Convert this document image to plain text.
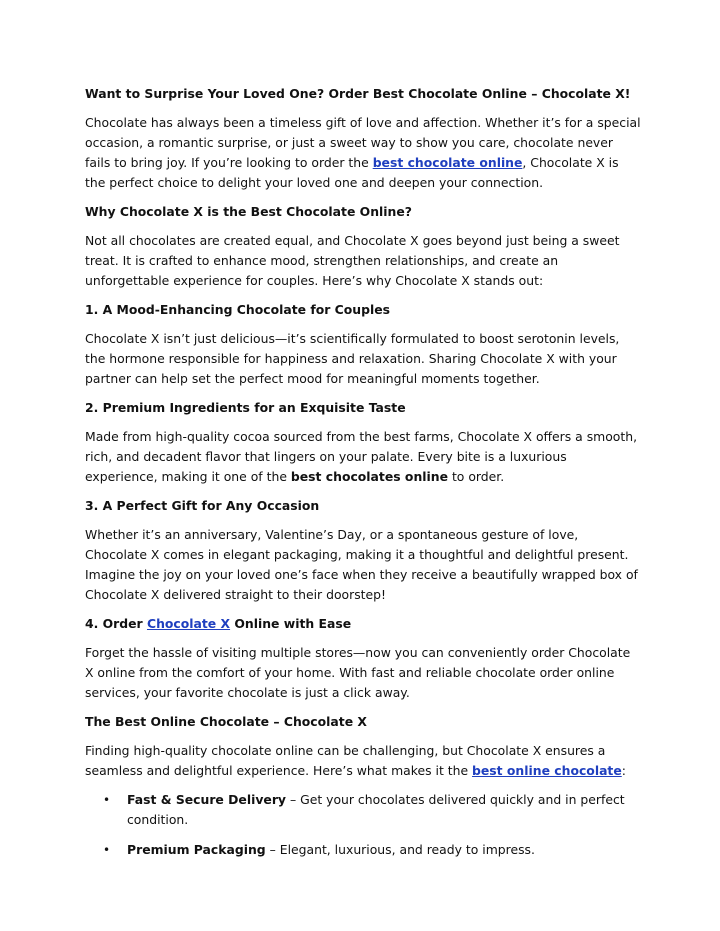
Want to Surprise Your Loved One? Order Best Chocolate Online – Chocolate X!

Chocolate has always been a timeless gift of love and affection. Whether it’s for a special occasion, a romantic surprise, or just a sweet way to show you care, chocolate never fails to bring joy. If you’re looking to order the best chocolate online, Chocolate X is the perfect choice to delight your loved one and deepen your connection.

Why Chocolate X is the Best Chocolate Online?

Not all chocolates are created equal, and Chocolate X goes beyond just being a sweet treat. It is crafted to enhance mood, strengthen relationships, and create an unforgettable experience for couples. Here’s why Chocolate X stands out:

1. A Mood-Enhancing Chocolate for Couples

Chocolate X isn’t just delicious—it’s scientifically formulated to boost serotonin levels, the hormone responsible for happiness and relaxation. Sharing Chocolate X with your partner can help set the perfect mood for meaningful moments together.

2. Premium Ingredients for an Exquisite Taste

Made from high-quality cocoa sourced from the best farms, Chocolate X offers a smooth, rich, and decadent flavor that lingers on your palate. Every bite is a luxurious experience, making it one of the best chocolates online to order.

3. A Perfect Gift for Any Occasion

Whether it’s an anniversary, Valentine’s Day, or a spontaneous gesture of love, Chocolate X comes in elegant packaging, making it a thoughtful and delightful present. Imagine the joy on your loved one’s face when they receive a beautifully wrapped box of Chocolate X delivered straight to their doorstep!

4. Order Chocolate X Online with Ease

Forget the hassle of visiting multiple stores—now you can conveniently order Chocolate X online from the comfort of your home. With fast and reliable chocolate order online services, your favorite chocolate is just a click away.

The Best Online Chocolate – Chocolate X

Finding high-quality chocolate online can be challenging, but Chocolate X ensures a seamless and delightful experience. Here’s what makes it the best online chocolate:

• Fast & Secure Delivery – Get your chocolates delivered quickly and in perfect condition.
• Premium Packaging – Elegant, luxurious, and ready to impress.
